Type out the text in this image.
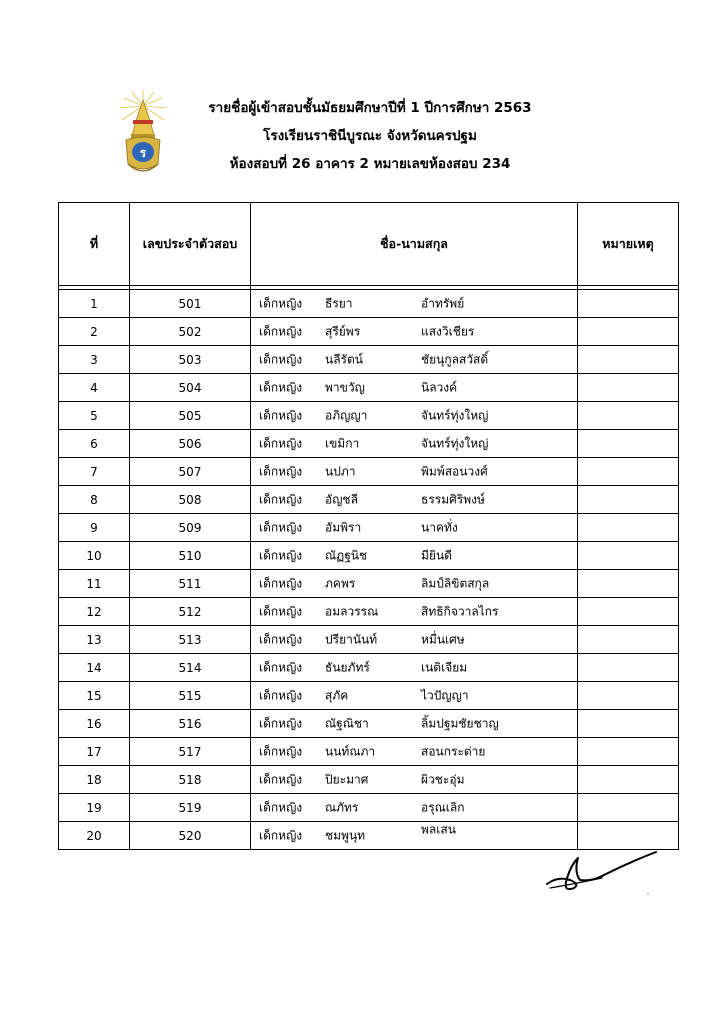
ร
รายชื่อผู้เข้าสอบชั้นมัธยมศึกษาปีที่ 1 ปีการศึกษา 2563
โรงเรียนราชินีบูรณะ จังหวัดนครปฐม
ห้องสอบที่ 26 อาคาร 2 หมายเลขห้องสอบ 234
ที่	เลขประจำตัวสอบ	ชื่อ-นามสกุล	หมายเหตุ

1	501	เด็กหญิง ธีรยา อำทรัพย์	

2	502	เด็กหญิง สุรีย์พร แสงวิเชียร	

3	503	เด็กหญิง นลีรัตน์ ชัยนุกูลสวัสดิ์	

4	504	เด็กหญิง พาขวัญ นิลวงค์	

5	505	เด็กหญิง อภิญญา จันทร์ทุ่งใหญ่	

6	506	เด็กหญิง เขมิกา จันทร์ทุ่งใหญ่	

7	507	เด็กหญิง นปภา พิมพ์สอนวงศ์	

8	508	เด็กหญิง อัญชลี ธรรมศิริพงษ์	

9	509	เด็กหญิง อัมพิรา นาคทั่ง	

10	510	เด็กหญิง ณัฏฐนิช มียินดี	

11	511	เด็กหญิง ภคพร ลิมป์ลิขิตสกุล	

12	512	เด็กหญิง อมลวรรณ สิทธิกิจวาลไกร	

13	513	เด็กหญิง ปรียานันท์ หมื่นเศษ	

14	514	เด็กหญิง ธันยภัทร์ เนติเจียม	

15	515	เด็กหญิง สุภัค ไวปัญญา	

16	516	เด็กหญิง ณัฐณิชา ลิ้มปฐมชัยชาญ	

17	517	เด็กหญิง นนท์ณภา สอนกระต่าย	

18	518	เด็กหญิง ปิยะมาศ ผิวชะอุ่ม	

19	519	เด็กหญิง ณภัทร อรุณเลิก	

20	520	เด็กหญิง ชมพูนุท พลเสน	
